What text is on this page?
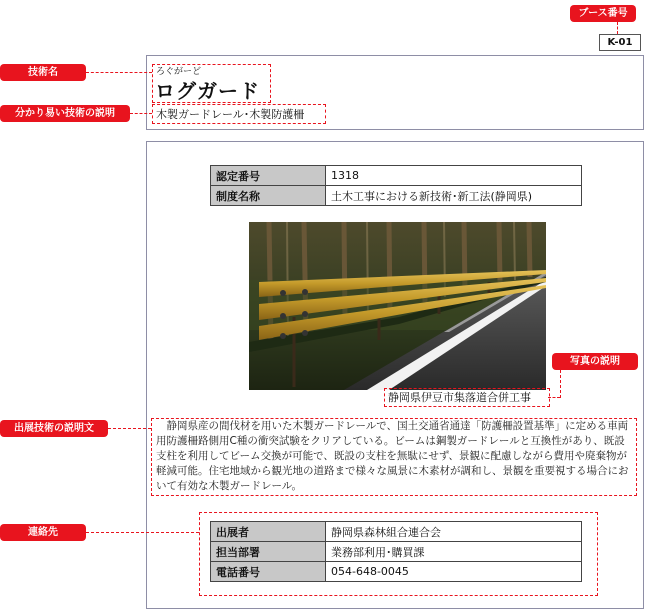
ブース番号
K-01
ろぐがーど
ログガード
木製ガードレール･木製防護柵
技術名
分かり易い技術の説明
認定番号	1318
制度名称	土木工事における新技術･新工法(静岡県)
静岡県伊豆市集落道合併工事
写真の説明
　静岡県産の間伐材を用いた木製ガードレールで、国土交通省通達「防護柵設置基準」に定める車両用防護柵路側用C種の衝突試験をクリアしている。ビームは鋼製ガードレールと互換性があり、既設支柱を利用してビーム交換が可能で、既設の支柱を無駄にせず、景観に配慮しながら費用や廃棄物が軽減可能。住宅地域から観光地の道路まで様々な風景に木素材が調和し、景観を重要視する場合において有効な木製ガードレール。
出展技術の説明文
出展者	静岡県森林組合連合会
担当部署	業務部利用･購買課
電話番号	054-648-0045
連絡先
